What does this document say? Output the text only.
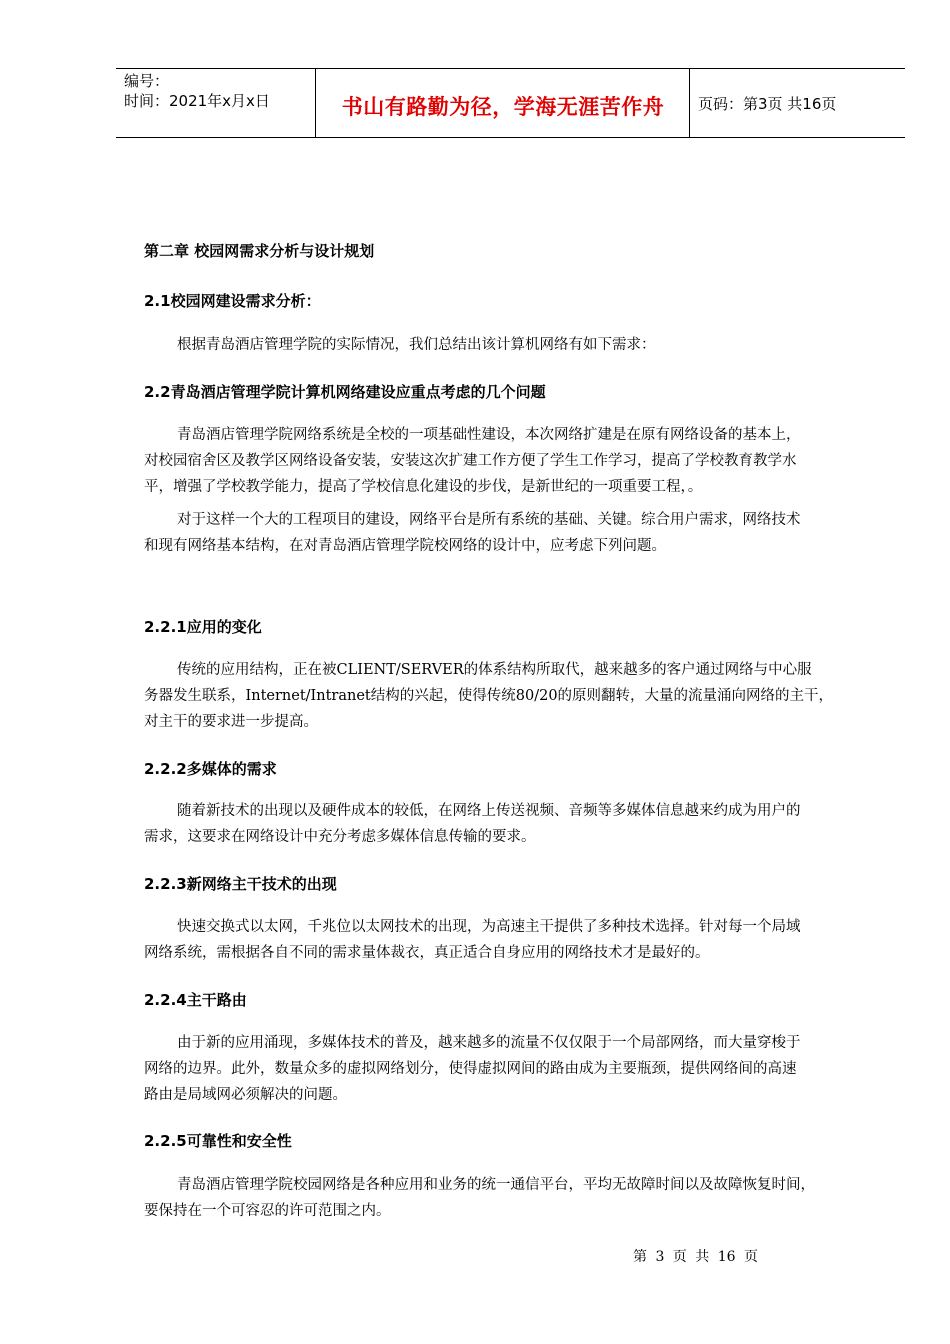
编号：
时间：2021年x月x日	书山有路勤为径，学海无涯苦作舟	页码：第3页 共16页
第二章 校园网需求分析与设计规划
2.1校园网建设需求分析：

根据青岛酒店管理学院的实际情况，我们总结出该计算机网络有如下需求：

2.2青岛酒店管理学院计算机网络建设应重点考虑的几个问题

青岛酒店管理学院网络系统是全校的一项基础性建设，本次网络扩建是在原有网络设备的基本上，
对校园宿舍区及教学区网络设备安装，安装这次扩建工作方便了学生工作学习，提高了学校教育教学水
平，增强了学校教学能力，提高了学校信息化建设的步伐，是新世纪的一项重要工程，。

对于这样一个大的工程项目的建设，网络平台是所有系统的基础、关键。综合用户需求，网络技术
和现有网络基本结构，在对青岛酒店管理学院校网络的设计中，应考虑下列问题。

2.2.1应用的变化

传统的应用结构，正在被CLIENT/SERVER的体系结构所取代，越来越多的客户通过网络与中心服
务器发生联系，Internet/Intranet结构的兴起，使得传统80/20的原则翻转，大量的流量涌向网络的主干，
对主干的要求进一步提高。

2.2.2多媒体的需求

随着新技术的出现以及硬件成本的较低，在网络上传送视频、音频等多媒体信息越来约成为用户的
需求，这要求在网络设计中充分考虑多媒体信息传输的要求。

2.2.3新网络主干技术的出现

快速交换式以太网，千兆位以太网技术的出现，为高速主干提供了多种技术选择。针对每一个局域
网络系统，需根据各自不同的需求量体裁衣，真正适合自身应用的网络技术才是最好的。

2.2.4主干路由

由于新的应用涌现，多媒体技术的普及，越来越多的流量不仅仅限于一个局部网络，而大量穿梭于
网络的边界。此外，数量众多的虚拟网络划分，使得虚拟网间的路由成为主要瓶颈，提供网络间的高速
路由是局域网必须解决的问题。

2.2.5可靠性和安全性

青岛酒店管理学院校园网络是各种应用和业务的统一通信平台，平均无故障时间以及故障恢复时间，
要保持在一个可容忍的许可范围之内。

第 3 页 共 16 页
